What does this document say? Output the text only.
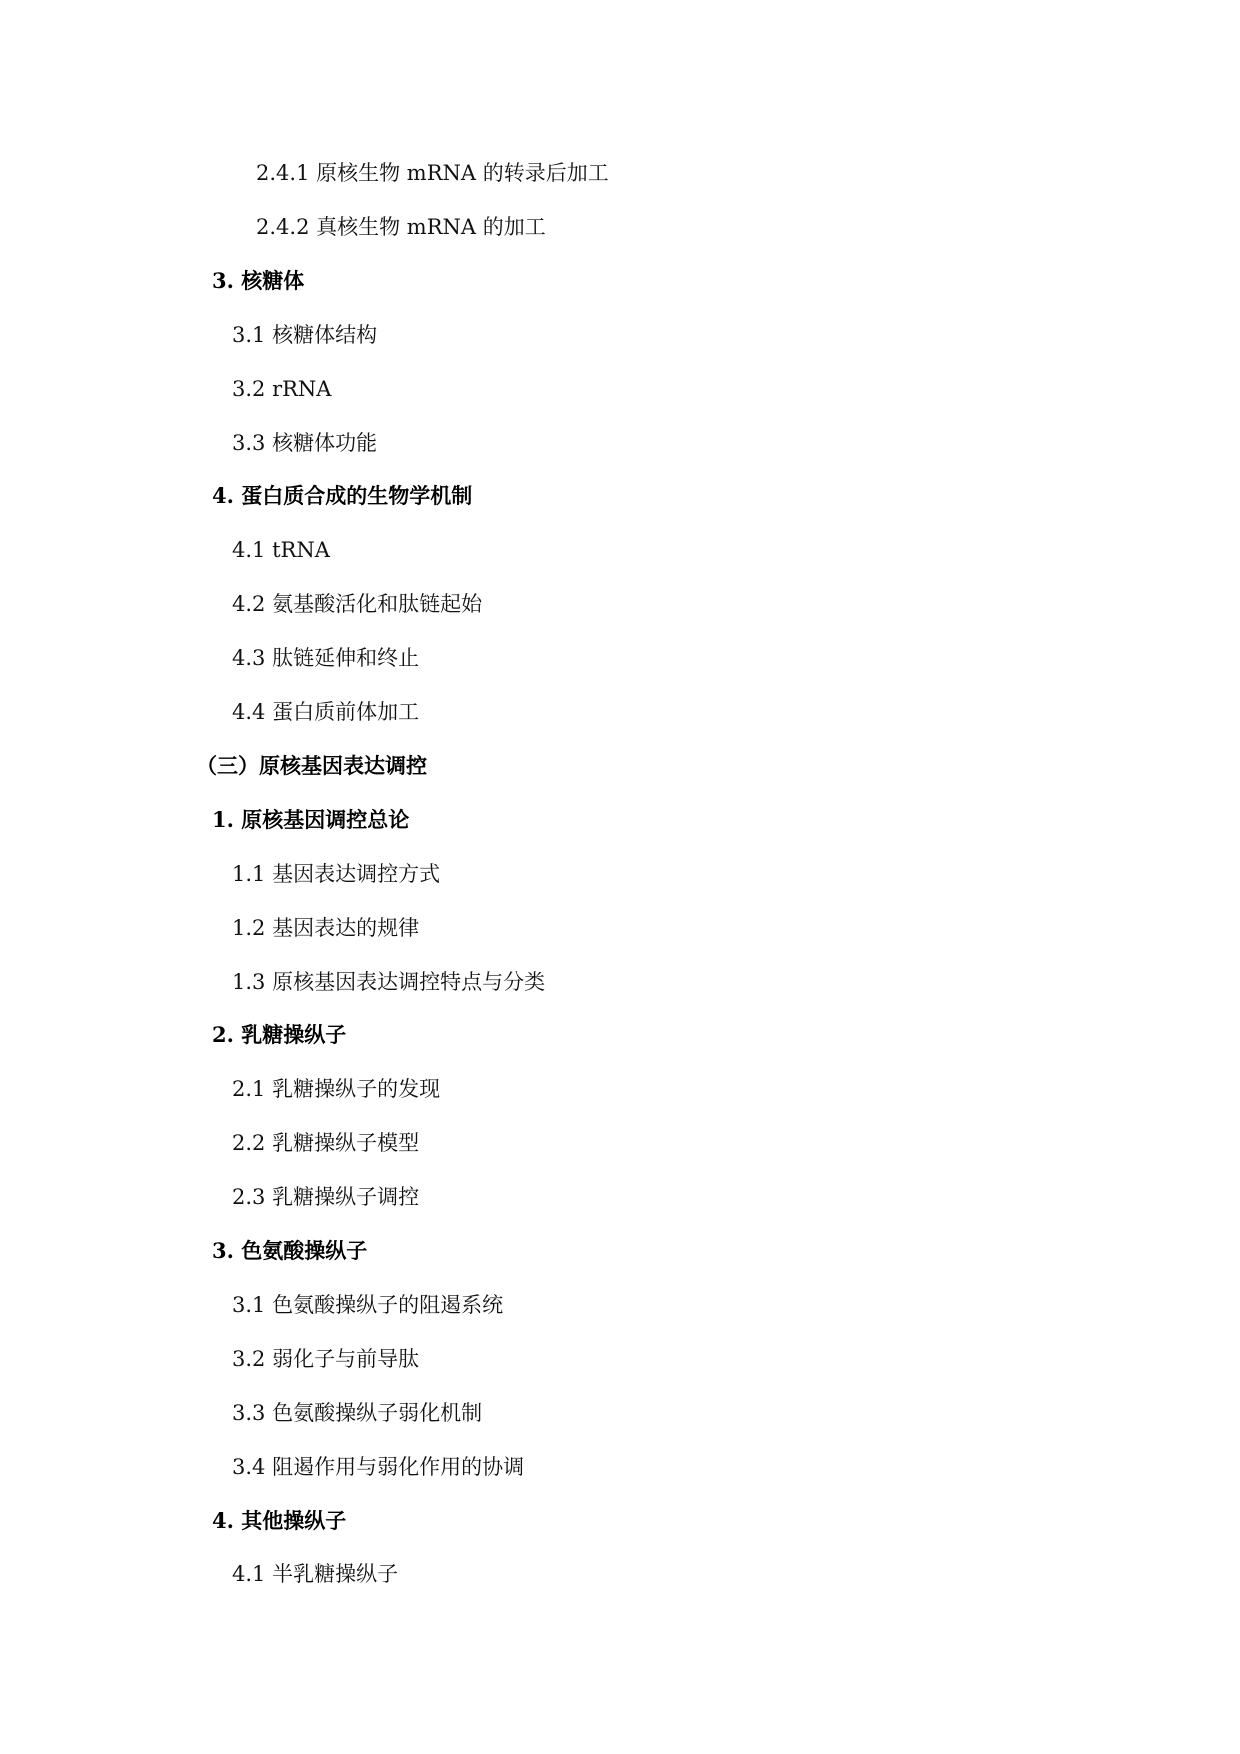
2.4.1 原核生物 mRNA 的转录后加工
2.4.2 真核生物 mRNA 的加工
3. 核糖体
3.1 核糖体结构
3.2 rRNA
3.3 核糖体功能
4. 蛋白质合成的生物学机制
4.1 tRNA
4.2 氨基酸活化和肽链起始
4.3 肽链延伸和终止
4.4 蛋白质前体加工
（三）原核基因表达调控
1. 原核基因调控总论
1.1 基因表达调控方式
1.2 基因表达的规律
1.3 原核基因表达调控特点与分类
2. 乳糖操纵子
2.1 乳糖操纵子的发现
2.2 乳糖操纵子模型
2.3 乳糖操纵子调控
3. 色氨酸操纵子
3.1 色氨酸操纵子的阻遏系统
3.2 弱化子与前导肽
3.3 色氨酸操纵子弱化机制
3.4 阻遏作用与弱化作用的协调
4. 其他操纵子
4.1 半乳糖操纵子
